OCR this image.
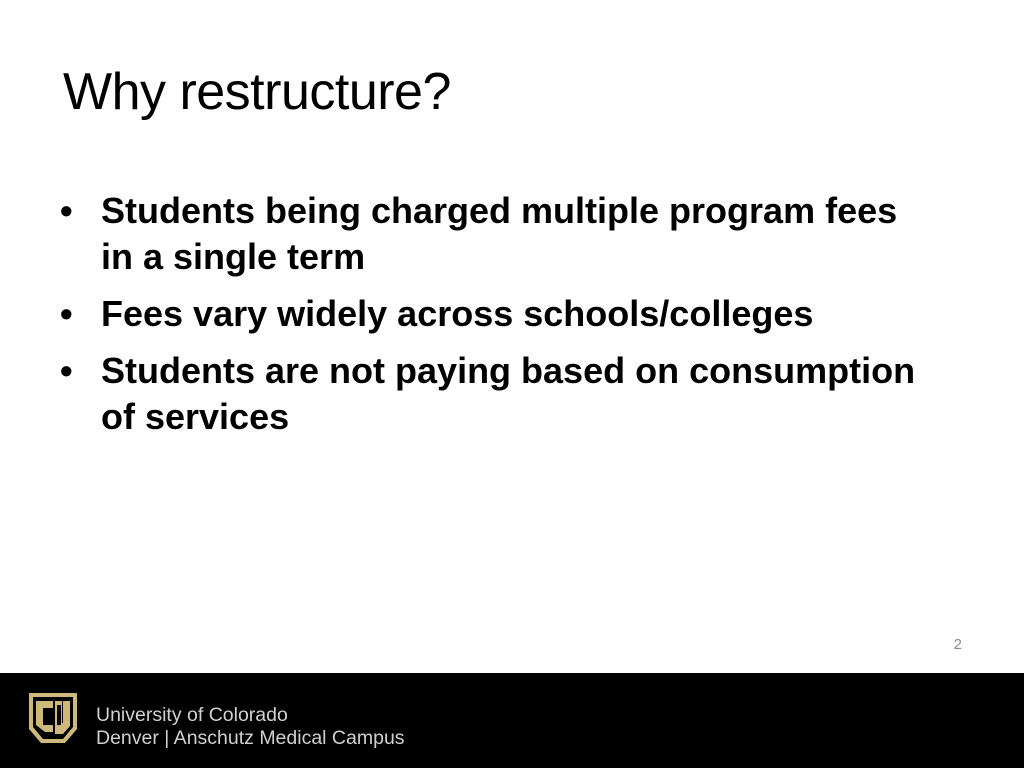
Why restructure?
• Students being charged multiple program fees in a single term
• Fees vary widely across schools/colleges
• Students are not paying based on consumption of services
2
University of Colorado
Denver | Anschutz Medical Campus
